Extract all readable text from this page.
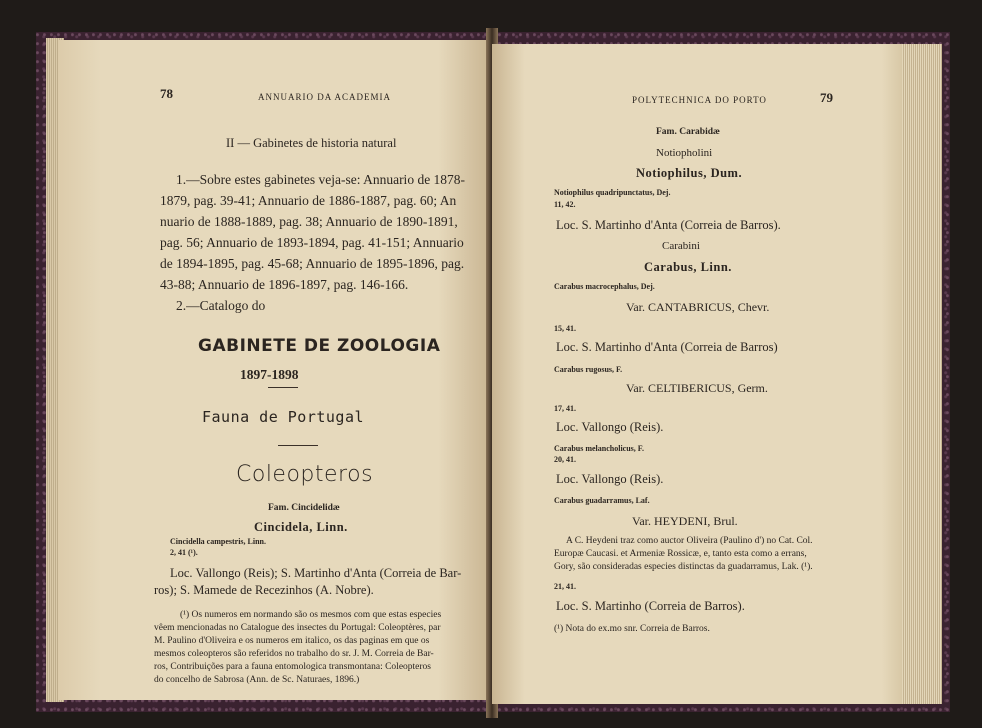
78	ANNUARIO DA ACADEMIA
II — Gabinetes de historia natural
1.—Sobre estes gabinetes veja-se: Annuario de 1878-
1879, pag. 39-41; Annuario de 1886-1887, pag. 60; An
nuario de 1888-1889, pag. 38; Annuario de 1890-1891,
pag. 56; Annuario de 1893-1894, pag. 41-151; Annuario
de 1894-1895, pag. 45-68; Annuario de 1895-1896, pag.
43-88; Annuario de 1896-1897, pag. 146-166.
2.—Catalogo do
GABINETE DE ZOOLOGIA
1897-1898
Fauna de Portugal
Coleopteros
Fam. Cincidelidæ
Cincidela, Linn.
Cincidella campestris, Linn.
2, 41 (¹).
Loc. Vallongo (Reis); S. Martinho d'Anta (Correia de Bar-
ros); S. Mamede de Recezinhos (A. Nobre).
(¹) Os numeros em normando são os mesmos com que estas especies
vêem mencionadas no Catalogue des insectes du Portugal: Coleoptères, par
M. Paulino d'Oliveira e os numeros em italico, os das paginas em que os
mesmos coleopteros são referidos no trabalho do sr. J. M. Correia de Bar-
ros, Contribuições para a fauna entomologica transmontana: Coleopteros
do concelho de Sabrosa (Ann. de Sc. Naturaes, 1896.)
POLYTECHNICA DO PORTO	79
Fam. Carabidæ
Notiopholini
Notiophilus, Dum.
Notiophilus quadripunctatus, Dej.
11, 42.
Loc. S. Martinho d'Anta (Correia de Barros).
Carabini
Carabus, Linn.
Carabus macrocephalus, Dej.
Var. CANTABRICUS, Chevr.
15, 41.
Loc. S. Martinho d'Anta (Correia de Barros)
Carabus rugosus, F.
Var. CELTIBERICUS, Germ.
17, 41.
Loc. Vallongo (Reis).
Carabus melancholicus, F.
20, 41.
Loc. Vallongo (Reis).
Carabus guadarramus, Laf.
Var. HEYDENI, Brul.
A C. Heydeni traz como auctor Oliveira (Paulino d') no Cat. Col.
Europæ Caucasi. et Armeniæ Rossicæ, e, tanto esta como a errans,
Gory, são consideradas especies distinctas da guadarramus, Lak. (¹).
21, 41.
Loc. S. Martinho (Correia de Barros).
(¹) Nota do ex.mo snr. Correia de Barros.
